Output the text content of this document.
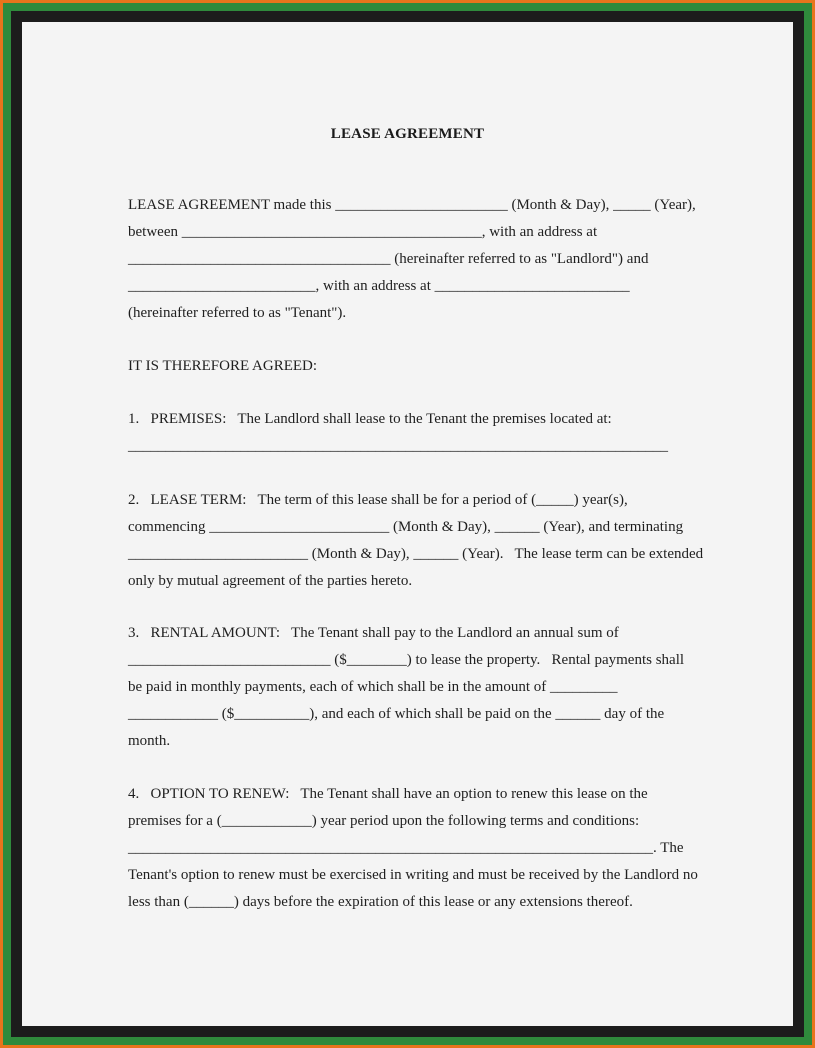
LEASE AGREEMENT
LEASE AGREEMENT made this _______________________ (Month & Day), _____ (Year),
between ________________________________________, with an address at
___________________________________ (hereinafter referred to as "Landlord") and
_________________________, with an address at __________________________
(hereinafter referred to as "Tenant").
IT IS THEREFORE AGREED:
1.   PREMISES:   The Landlord shall lease to the Tenant the premises located at:
________________________________________________________________________
2.   LEASE TERM:   The term of this lease shall be for a period of (_____) year(s),
commencing ________________________ (Month & Day), ______ (Year), and terminating
________________________ (Month & Day), ______ (Year).   The lease term can be extended
only by mutual agreement of the parties hereto.
3.   RENTAL AMOUNT:   The Tenant shall pay to the Landlord an annual sum of
___________________________ ($________) to lease the property.   Rental payments shall
be paid in monthly payments, each of which shall be in the amount of _________
____________ ($__________), and each of which shall be paid on the ______ day of the
month.
4.   OPTION TO RENEW:   The Tenant shall have an option to renew this lease on the
premises for a (____________) year period upon the following terms and conditions:
______________________________________________________________________. The
Tenant's option to renew must be exercised in writing and must be received by the Landlord no
less than (______) days before the expiration of this lease or any extensions thereof.
